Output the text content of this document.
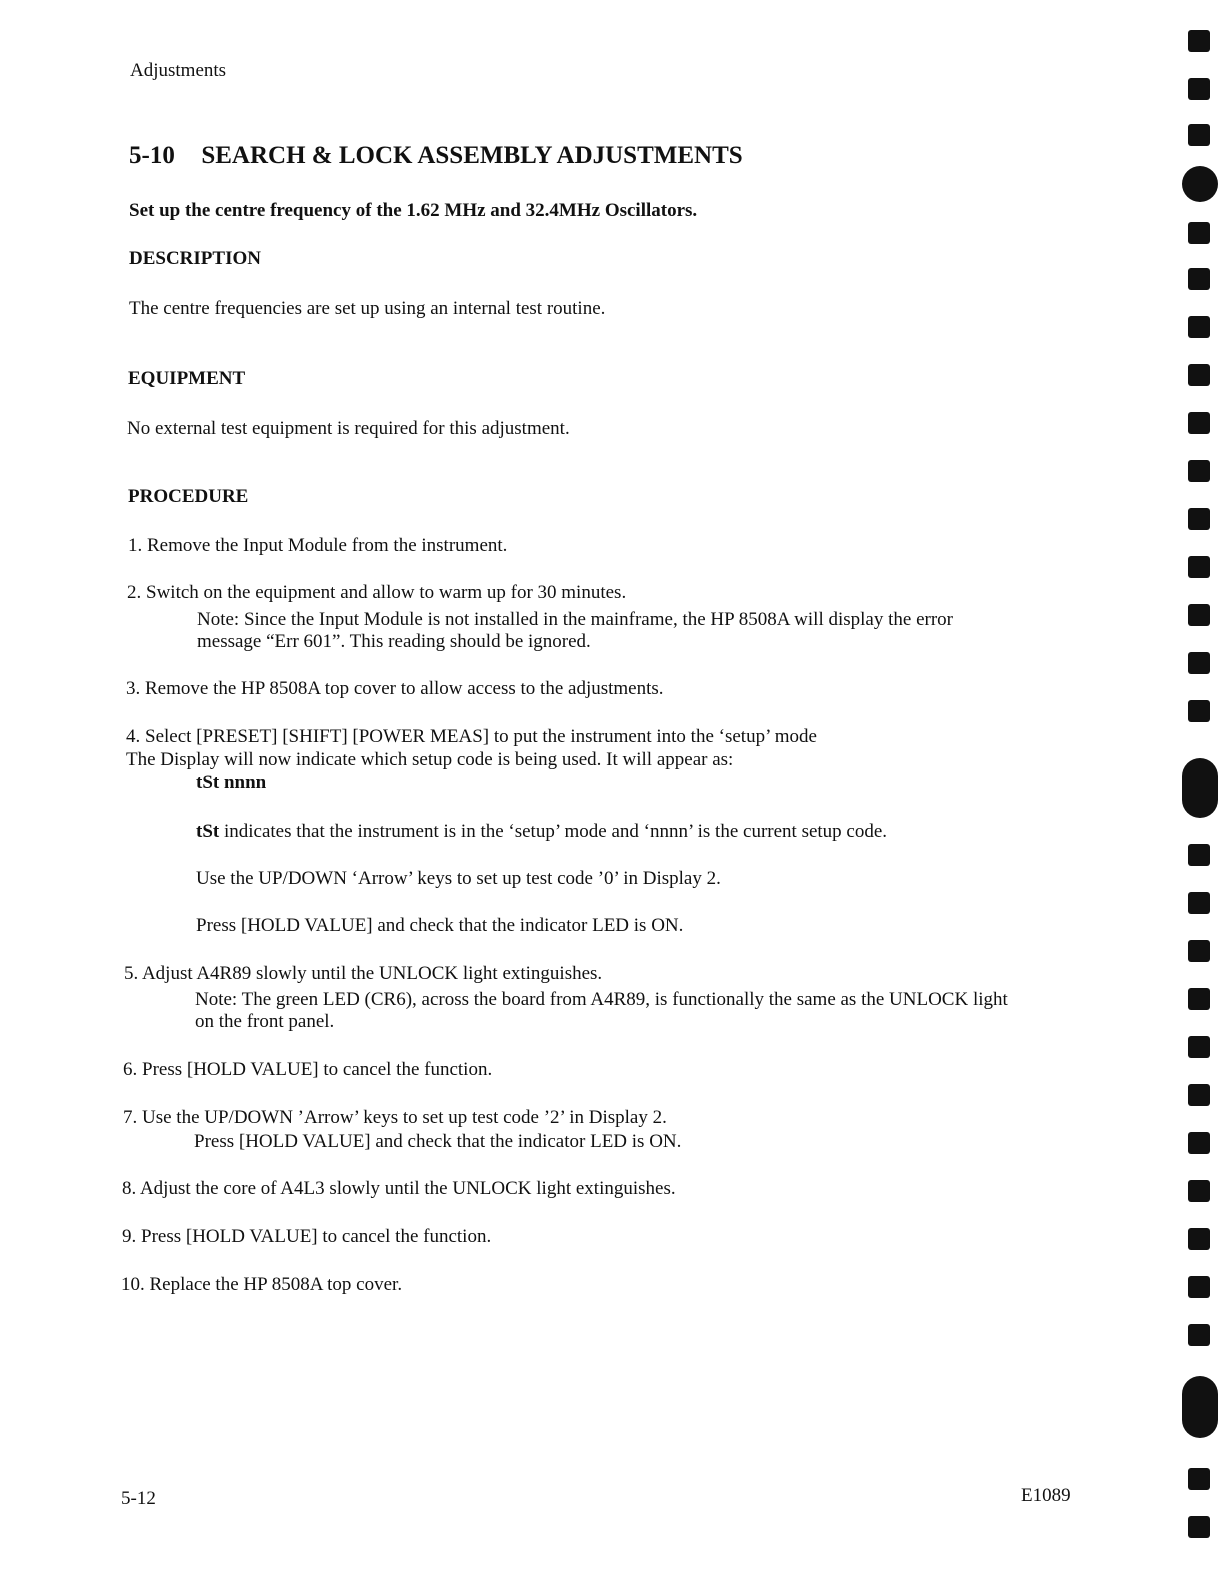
Adjustments
5-10 SEARCH & LOCK ASSEMBLY ADJUSTMENTS
Set up the centre frequency of the 1.62 MHz and 32.4MHz Oscillators.
DESCRIPTION
The centre frequencies are set up using an internal test routine.
EQUIPMENT
No external test equipment is required for this adjustment.
PROCEDURE
1. Remove the Input Module from the instrument.
2. Switch on the equipment and allow to warm up for 30 minutes.
Note: Since the Input Module is not installed in the mainframe, the HP 8508A will display the error
message “Err 601”. This reading should be ignored.
3. Remove the HP 8508A top cover to allow access to the adjustments.
4. Select [PRESET] [SHIFT] [POWER MEAS] to put the instrument into the ‘setup’ mode
The Display will now indicate which setup code is being used. It will appear as:
tSt nnnn
tSt indicates that the instrument is in the ‘setup’ mode and ‘nnnn’ is the current setup code.
Use the UP/DOWN ‘Arrow’ keys to set up test code ’0’ in Display 2.
Press [HOLD VALUE] and check that the indicator LED is ON.
5. Adjust A4R89 slowly until the UNLOCK light extinguishes.
Note: The green LED (CR6), across the board from A4R89, is functionally the same as the UNLOCK light
on the front panel.
6. Press [HOLD VALUE] to cancel the function.
7. Use the UP/DOWN ’Arrow’ keys to set up test code ’2’ in Display 2.
Press [HOLD VALUE] and check that the indicator LED is ON.
8. Adjust the core of A4L3 slowly until the UNLOCK light extinguishes.
9. Press [HOLD VALUE] to cancel the function.
10. Replace the HP 8508A top cover.
5-12	E1089
